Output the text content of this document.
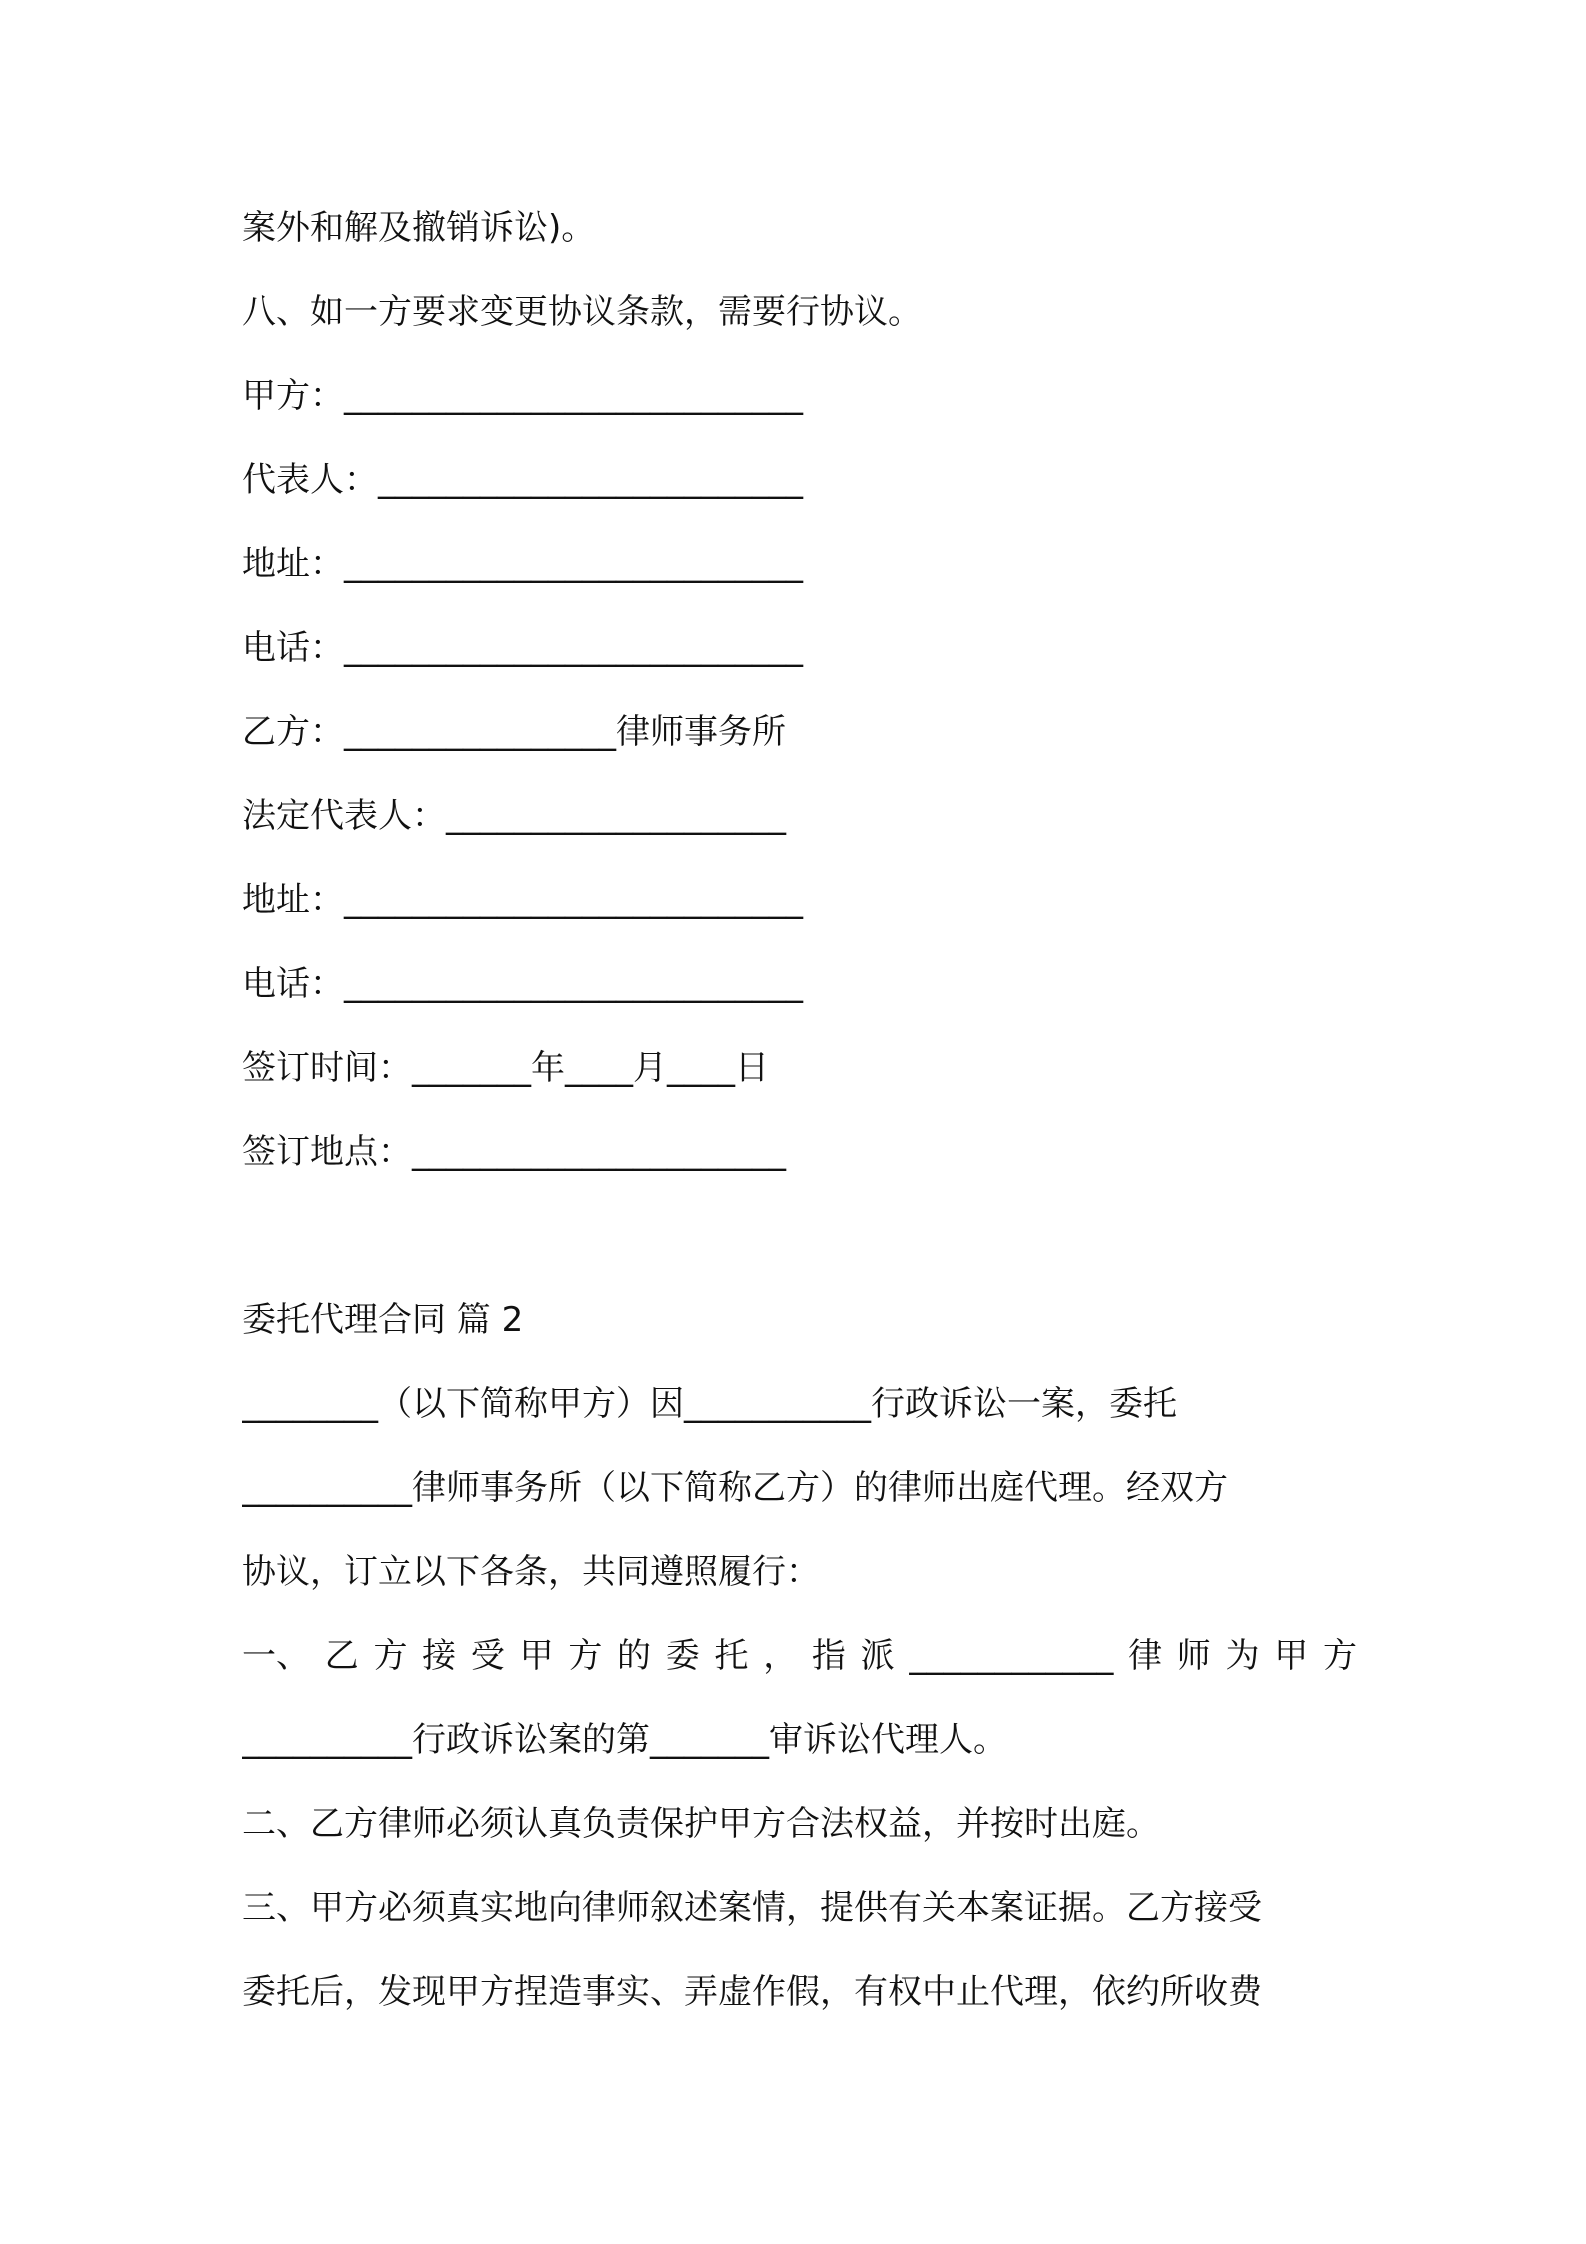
案外和解及撤销诉讼)。
八、如一方要求变更协议条款，需要行协议。
甲方：___________________________
代表人：_________________________
地址：___________________________
电话：___________________________
乙方：________________律师事务所
法定代表人：____________________
地址：___________________________
电话：___________________________
签订时间：_______年____月____日
签订地点：______________________
委托代理合同 篇 2
________（以下简称甲方）因___________行政诉讼一案，委托
__________律师事务所（以下简称乙方）的律师出庭代理。经双方
协议，订立以下各条，共同遵照履行：
一、 乙 方 接 受 甲 方 的 委 托 ， 指 派 ____________ 律 师 为 甲 方
__________行政诉讼案的第_______审诉讼代理人。
二、乙方律师必须认真负责保护甲方合法权益，并按时出庭。
三、甲方必须真实地向律师叙述案情，提供有关本案证据。乙方接受
委托后，发现甲方捏造事实、弄虚作假，有权中止代理，依约所收费
